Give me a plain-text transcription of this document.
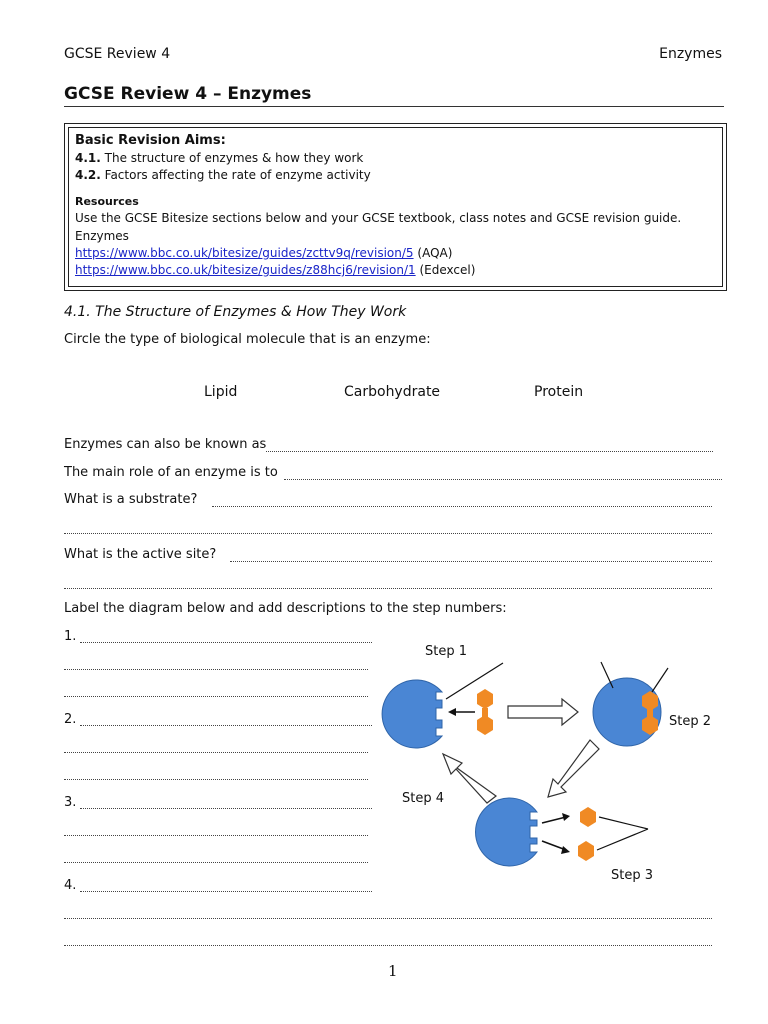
GCSE Review 4	Enzymes
GCSE Review 4 – Enzymes
Basic Revision Aims:
4.1. The structure of enzymes & how they work
4.2. Factors affecting the rate of enzyme activity
Resources
Use the GCSE Bitesize sections below and your GCSE textbook, class notes and GCSE revision guide.
Enzymes
https://www.bbc.co.uk/bitesize/guides/zcttv9q/revision/5 (AQA)
https://www.bbc.co.uk/bitesize/guides/z88hcj6/revision/1 (Edexcel)
4.1. The Structure of Enzymes & How They Work
Circle the type of biological molecule that is an enzyme:
Lipid	Carbohydrate	Protein
Enzymes can also be known as
The main role of an enzyme is to
What is a substrate?
What is the active site?
Label the diagram below and add descriptions to the step numbers:
1.
2.
3.
4.
Step 1
Step 2
Step 3
Step 4
1
